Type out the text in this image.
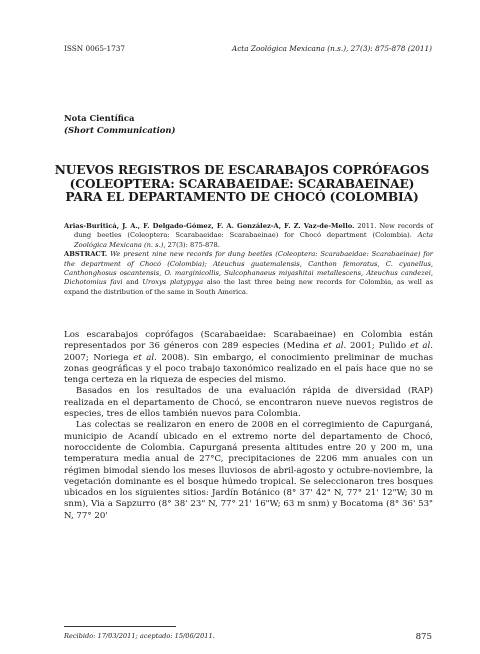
ISSN 0065-1737	Acta Zoológica Mexicana (n.s.), 27(3): 875-878 (2011)
Nota Científica
(Short Communication)
NUEVOS REGISTROS DE ESCARABAJOS COPRÓFAGOS (COLEOPTERA: SCARABAEIDAE: SCARABAEINAE) PARA EL DEPARTAMENTO DE CHOCÓ (COLOMBIA)

Arias-Buriticá, J. A., F. Delgado-Gómez, F. A. González-A, F. Z. Vaz-de-Mello. 2011. New records of dung beetles (Coleoptera: Scarabaeidae: Scarabaeinae) for Chocó department (Colombia). Acta Zoológica Mexicana (n. s.), 27(3): 875-878.

ABSTRACT. We present nine new records for dung beetles (Coleoptera: Scarabaeidae: Scarabaeinae) for the department of Chocó (Colombia); Ateuchus guatemalensis, Canthon femoratus, C. cyanellus, Canthonghosus oscantensis, O. marginicollis, Sulcophanaeus miyashitai metallescens, Ateuchus candezei, Dichotomius favi and Uroxys platypyga also the last three being new records for Colombia, as well as expand the distribution of the same in South America.

Los escarabajos coprófagos (Scarabaeidae: Scarabaeinae) en Colombia están representados por 36 géneros con 289 especies (Medina et al. 2001; Pulido et al. 2007; Noriega et al. 2008). Sin embargo, el conocimiento preliminar de muchas zonas geográficas y el poco trabajo taxonómico realizado en el país hace que no se tenga certeza en la riqueza de especies del mismo.

Basados en los resultados de una evaluación rápida de diversidad (RAP) realizada en el departamento de Chocó, se encontraron nueve nuevos registros de especies, tres de ellos también nuevos para Colombia.

Las colectas se realizaron en enero de 2008 en el corregimiento de Capurganá, municipio de Acandí ubicado en el extremo norte del departamento de Chocó, noroccidente de Colombia. Capurganá presenta altitudes entre 20 y 200 m, una temperatura media anual de 27°C, precipitaciones de 2206 mm anuales con un régimen bimodal siendo los meses lluviosos de abril-agosto y octubre-noviembre, la vegetación dominante es el bosque húmedo tropical. Se seleccionaron tres bosques ubicados en los siguientes sitios: Jardín Botánico (8° 37' 42" N, 77° 21' 12"W; 30 m snm), Via a Sapzurro (8° 38' 23" N, 77° 21' 16"W; 63 m snm) y Bocatoma (8° 36' 53" N, 77° 20'

Recibido: 17/03/2011; aceptado: 15/06/2011.	875
